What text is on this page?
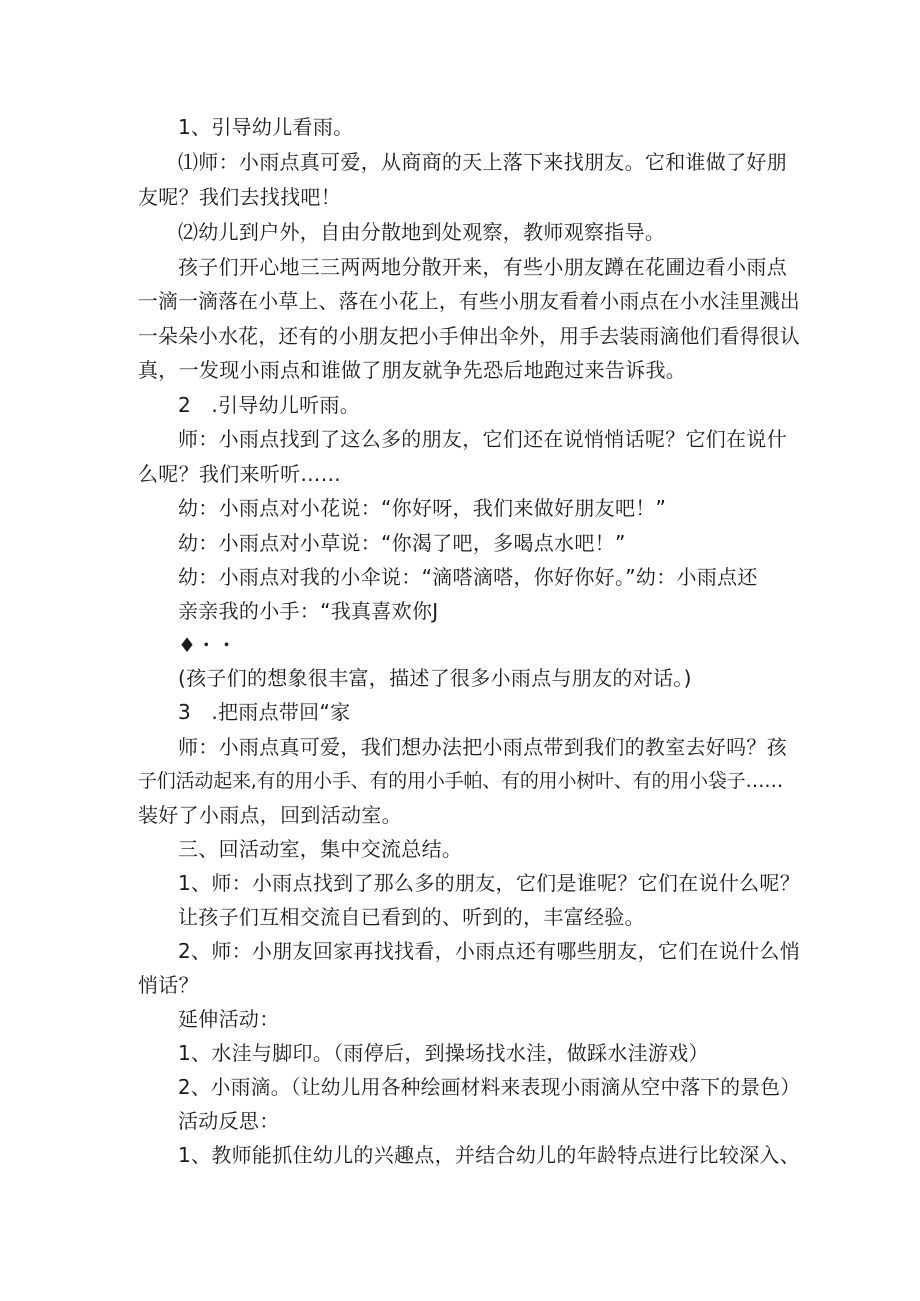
1、引导幼儿看雨。
⑴师：小雨点真可爱，从商商的天上落下来找朋友。它和谁做了好朋
友呢？我们去找找吧！
⑵幼儿到户外，自由分散地到处观察，教师观察指导。
孩子们开心地三三两两地分散开来，有些小朋友蹲在花圃边看小雨点
一滴一滴落在小草上、落在小花上，有些小朋友看着小雨点在小水洼里溅出
一朵朵小水花，还有的小朋友把小手伸出伞外，用手去装雨滴他们看得很认
真，一发现小雨点和谁做了朋友就争先恐后地跑过来告诉我。
2　.引导幼儿听雨。
师：小雨点找到了这么多的朋友，它们还在说悄悄话呢？它们在说什
么呢？我们来听听……
幼：小雨点对小花说：“你好呀，我们来做好朋友吧！”
幼：小雨点对小草说：“你渴了吧，多喝点水吧！”
幼：小雨点对我的小伞说：“滴嗒滴嗒，你好你好。”幼：小雨点还
亲亲我的小手：“我真喜欢你J
♦・・
(孩子们的想象很丰富，描述了很多小雨点与朋友的对话。)
3　.把雨点带回“家
师：小雨点真可爱，我们想办法把小雨点带到我们的教室去好吗？孩
子们活动起来,有的用小手、有的用小手帕、有的用小树叶、有的用小袋子……
装好了小雨点，回到活动室。
三、回活动室，集中交流总结。
1、师：小雨点找到了那么多的朋友，它们是谁呢？它们在说什么呢？
让孩子们互相交流自已看到的、听到的，丰富经验。
2、师：小朋友回家再找找看，小雨点还有哪些朋友，它们在说什么悄
悄话？
延伸活动：
1、水洼与脚印。（雨停后，到操场找水洼，做踩水洼游戏）
2、小雨滴。（让幼儿用各种绘画材料来表现小雨滴从空中落下的景色）
活动反思：
1、教师能抓住幼儿的兴趣点，并结合幼儿的年龄特点进行比较深入、
